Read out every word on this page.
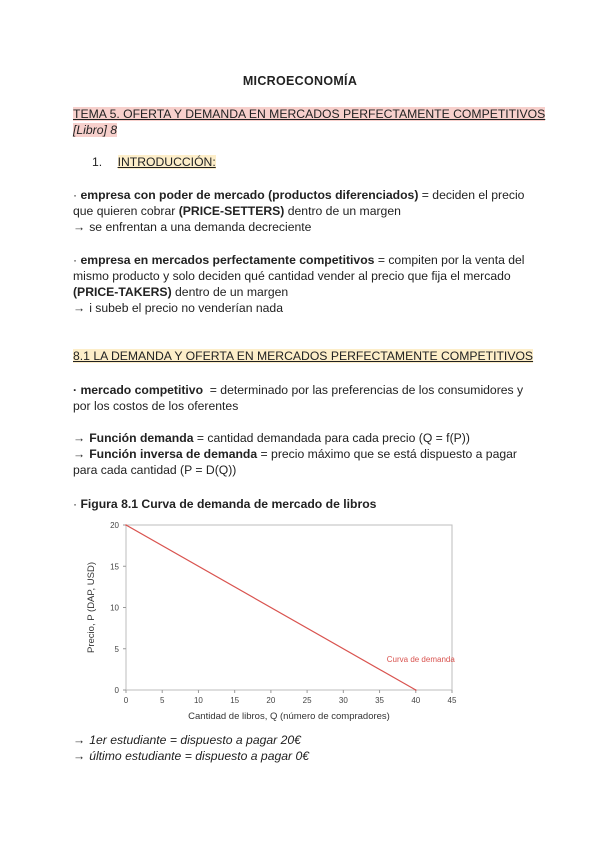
MICROECONOMÍA
TEMA 5. OFERTA Y DEMANDA EN MERCADOS PERFECTAMENTE COMPETITIVOS
[Libro] 8
1. INTRODUCCIÓN:
· empresa con poder de mercado (productos diferenciados) = deciden el precio
que quieren cobrar (PRICE-SETTERS) dentro de un margen
→ se enfrentan a una demanda decreciente
· empresa en mercados perfectamente competitivos = compiten por la venta del
mismo producto y solo deciden qué cantidad vender al precio que fija el mercado
(PRICE-TAKERS) dentro de un margen
→ i subeb el precio no venderían nada
8.1 LA DEMANDA Y OFERTA EN MERCADOS PERFECTAMENTE COMPETITIVOS
· mercado competitivo  = determinado por las preferencias de los consumidores y
por los costos de los oferentes
→ Función demanda = cantidad demandada para cada precio (Q = f(P))
→ Función inversa de demanda = precio máximo que se está dispuesto a pagar
para cada cantidad (P = D(Q))
· Figura 8.1 Curva de demanda de mercado de libros
0	5	10	15	20	25	30	35	40	45
0
5
10
15
20
Cantidad de libros, Q (número de compradores)
Precio, P (DAP, USD)
Curva de demanda
→ 1er estudiante = dispuesto a pagar 20€
→ último estudiante = dispuesto a pagar 0€
